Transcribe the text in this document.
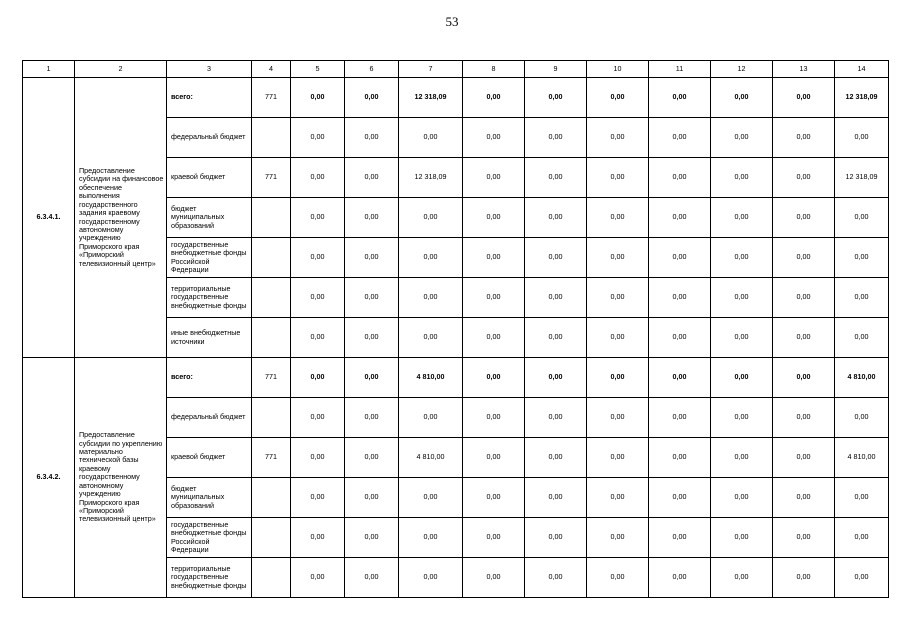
53
1	2	3	4	5	6	7	8	9	10	11	12	13	14
6.3.4.1.	Предоставление субсидии на финансовое обеспечение выполнения государственного задания краевому государственному автономному учреждению Приморского края «Приморский телевизионный центр»	всего:	771	0,00	0,00	12 318,09	0,00	0,00	0,00	0,00	0,00	0,00	12 318,09
		федеральный бюджет		0,00	0,00	0,00	0,00	0,00	0,00	0,00	0,00	0,00	0,00
		краевой бюджет	771	0,00	0,00	12 318,09	0,00	0,00	0,00	0,00	0,00	0,00	12 318,09
		бюджет муниципальных образований		0,00	0,00	0,00	0,00	0,00	0,00	0,00	0,00	0,00	0,00
		государственные внебюджетные фонды Российской Федерации		0,00	0,00	0,00	0,00	0,00	0,00	0,00	0,00	0,00	0,00
		территориальные государственные внебюджетные фонды		0,00	0,00	0,00	0,00	0,00	0,00	0,00	0,00	0,00	0,00
		иные внебюджетные источники		0,00	0,00	0,00	0,00	0,00	0,00	0,00	0,00	0,00	0,00
6.3.4.2.	Предоставление субсидии по укреплению материально технической базы краевому государственному автономному учреждению Приморского края «Приморский телевизионный центр»	всего:	771	0,00	0,00	4 810,00	0,00	0,00	0,00	0,00	0,00	0,00	4 810,00
		федеральный бюджет		0,00	0,00	0,00	0,00	0,00	0,00	0,00	0,00	0,00	0,00
		краевой бюджет	771	0,00	0,00	4 810,00	0,00	0,00	0,00	0,00	0,00	0,00	4 810,00
		бюджет муниципальных образований		0,00	0,00	0,00	0,00	0,00	0,00	0,00	0,00	0,00	0,00
		государственные внебюджетные фонды Российской Федерации		0,00	0,00	0,00	0,00	0,00	0,00	0,00	0,00	0,00	0,00
		территориальные государственные внебюджетные фонды		0,00	0,00	0,00	0,00	0,00	0,00	0,00	0,00	0,00	0,00
